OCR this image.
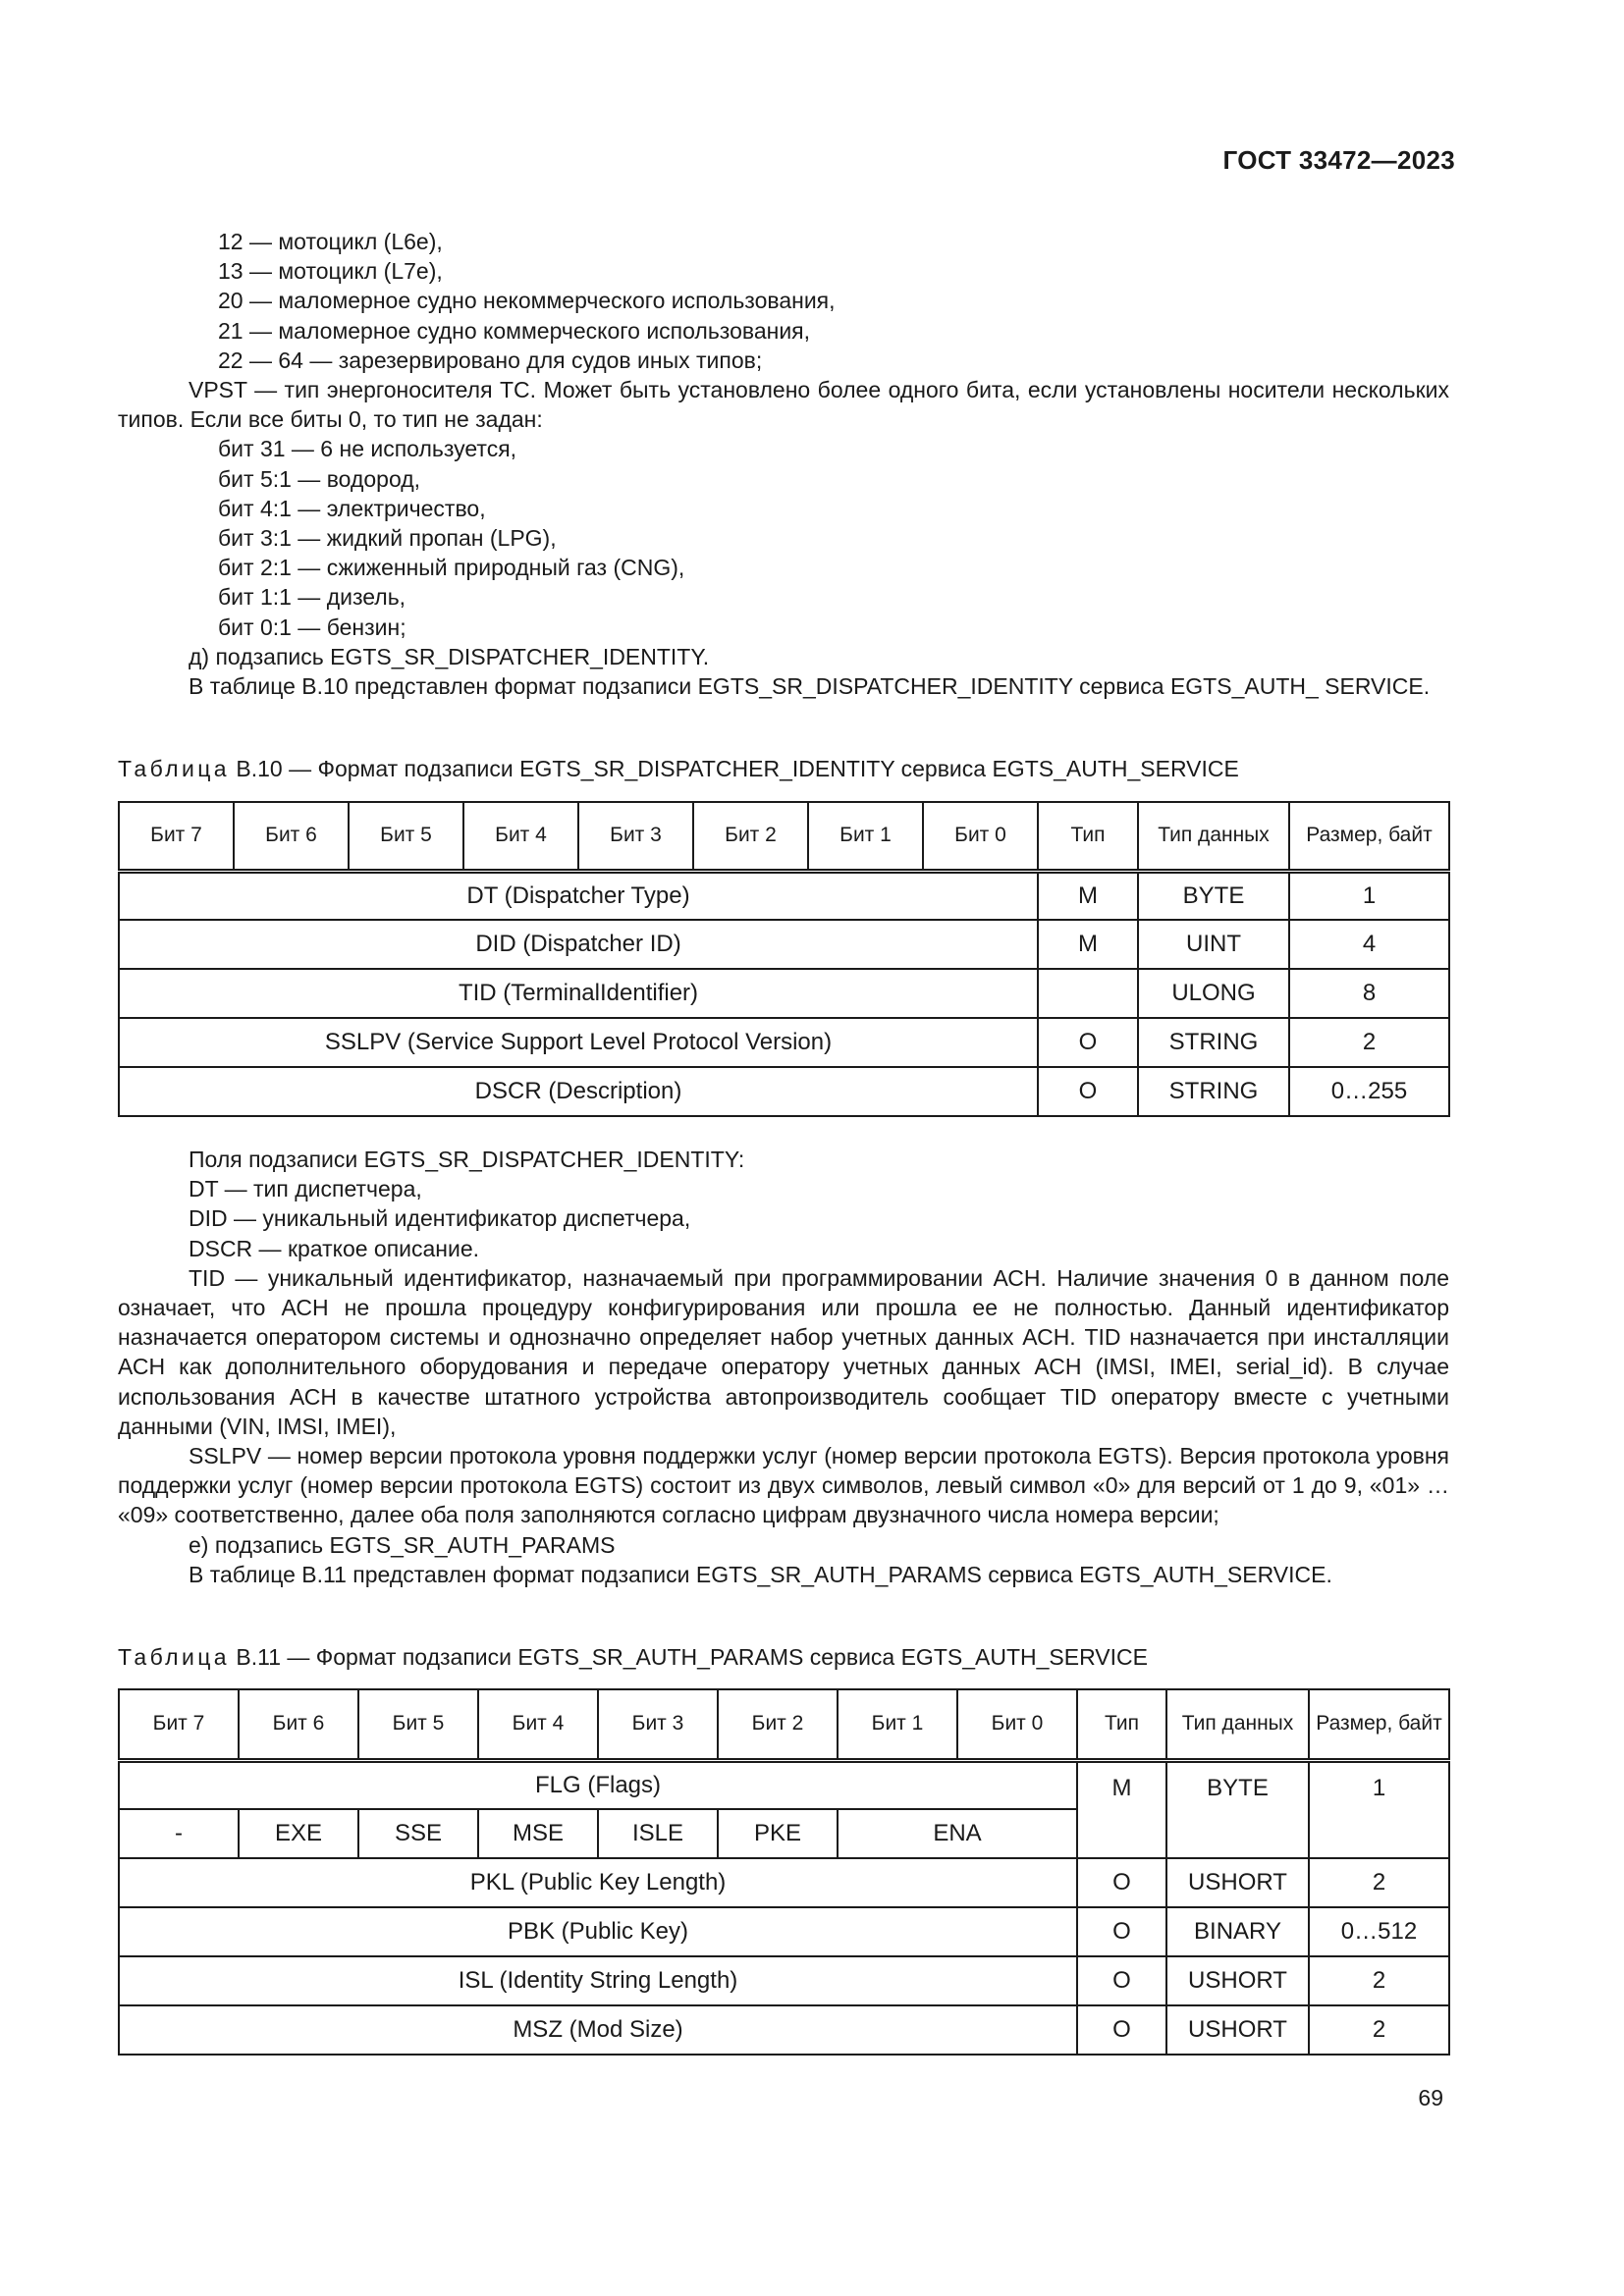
ГОСТ 33472—2023

12 — мотоцикл (L6e),

13 — мотоцикл (L7e),

20 — маломерное судно некоммерческого использования,

21 — маломерное судно коммерческого использования,

22 — 64 — зарезервировано для судов иных типов;

VPST — тип энергоносителя ТС. Может быть установлено более одного бита, если установлены носители нескольких типов. Если все биты 0, то тип не задан:

бит 31 — 6 не используется,

бит 5:1 — водород,

бит 4:1 — электричество,

бит 3:1 — жидкий пропан (LPG),

бит 2:1 — сжиженный природный газ (CNG),

бит 1:1 — дизель,

бит 0:1 — бензин;

д) подзапись EGTS_SR_DISPATCHER_IDENTITY.

В таблице В.10 представлен формат подзаписи EGTS_SR_DISPATCHER_IDENTITY сервиса EGTS_AUTH_ SERVICE.

Таблица B.10 — Формат подзаписи EGTS_SR_DISPATCHER_IDENTITY сервиса EGTS_AUTH_SERVICE
Бит 7	Бит 6	Бит 5	Бит 4	Бит 3	Бит 2	Бит 1	Бит 0	Тип	Тип данных	Размер, байт
DT (Dispatcher Type)								M	BYTE	1
DID (Dispatcher ID)								M	UINT	4
TID (TerminalIdentifier)									ULONG	8
SSLPV (Service Support Level Protocol Version)								O	STRING	2
DSCR (Description)								O	STRING	0…255

Поля подзаписи EGTS_SR_DISPATCHER_IDENTITY:

DT — тип диспетчера,

DID — уникальный идентификатор диспетчера,

DSCR — краткое описание.

TID — уникальный идентификатор, назначаемый при программировании АСН. Наличие значения 0 в данном поле означает, что АСН не прошла процедуру конфигурирования или прошла ее не полностью. Данный идентификатор назначается оператором системы и однозначно определяет набор учетных данных АСН. TID назначается при инсталляции АСН как дополнительного оборудования и передаче оператору учетных данных АСН (IMSI, IMEI, serial_id). В случае использования АСН в качестве штатного устройства автопроизводитель сообщает TID оператору вместе с учетными данными (VIN, IMSI, IMEI),

SSLPV — номер версии протокола уровня поддержки услуг (номер версии протокола EGTS). Версия протокола уровня поддержки услуг (номер версии протокола EGTS) состоит из двух символов, левый символ «0» для версий от 1 до 9, «01» … «09» соответственно, далее оба поля заполняются согласно цифрам двузначного числа номера версии;

е) подзапись EGTS_SR_AUTH_PARAMS

В таблице В.11 представлен формат подзаписи EGTS_SR_AUTH_PARAMS сервиса EGTS_AUTH_SERVICE.

Таблица B.11 — Формат подзаписи EGTS_SR_AUTH_PARAMS сервиса EGTS_AUTH_SERVICE
Бит 7	Бит 6	Бит 5	Бит 4	Бит 3	Бит 2	Бит 1	Бит 0	Тип	Тип данных	Размер, байт
FLG (Flags)								M	BYTE	1
-	EXE	SSE	MSE	ISLE	PKE	ENA				
PKL (Public Key Length)								O	USHORT	2
PBK (Public Key)								O	BINARY	0…512
ISL (Identity String Length)								O	USHORT	2
MSZ (Mod Size)								O	USHORT	2
69
